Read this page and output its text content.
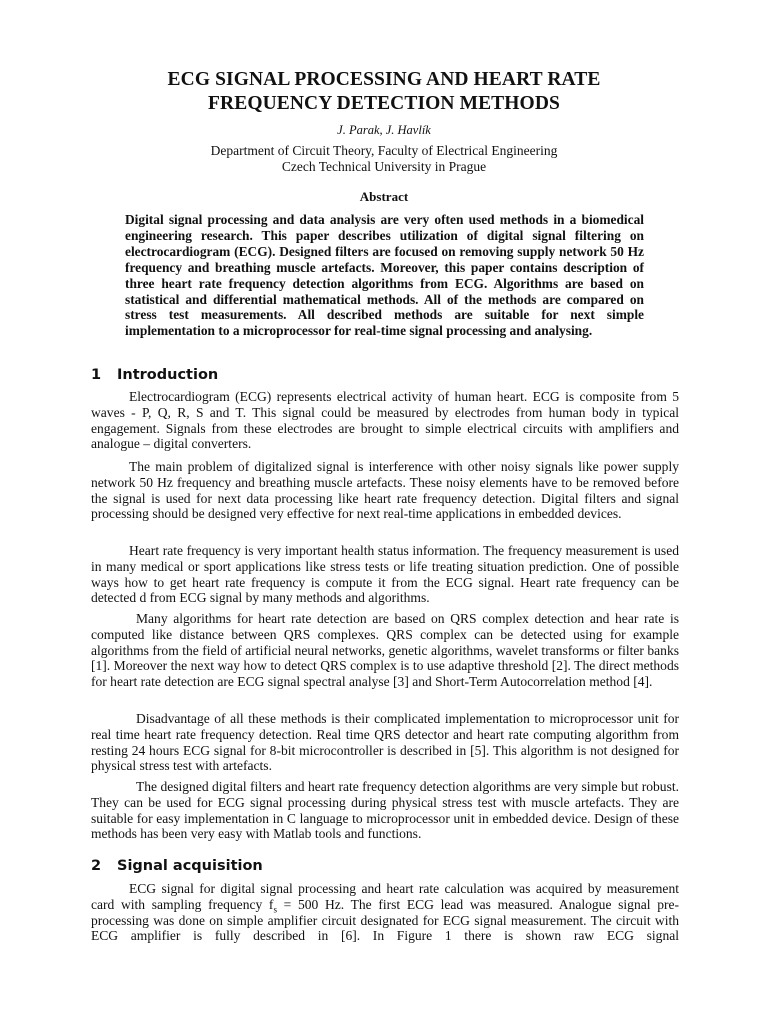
ECG SIGNAL PROCESSING AND HEART RATE
FREQUENCY DETECTION METHODS
J. Parak, J. Havlík
Department of Circuit Theory, Faculty of Electrical Engineering
Czech Technical University in Prague
Abstract
Digital signal processing and data analysis are very often used methods in a biomedical engineering research. This paper describes utilization of digital signal filtering on electrocardiogram (ECG). Designed filters are focused on removing supply network 50 Hz frequency and breathing muscle artefacts. Moreover, this paper contains description of three heart rate frequency detection algorithms from ECG. Algorithms are based on statistical and differential mathematical methods. All of the methods are compared on stress test measurements. All described methods are suitable for next simple implementation to a microprocessor for real-time signal processing and analysing.
1 Introduction
Electrocardiogram (ECG) represents electrical activity of human heart. ECG is composite from 5 waves - P, Q, R, S and T. This signal could be measured by electrodes from human body in typical engagement. Signals from these electrodes are brought to simple electrical circuits with amplifiers and analogue – digital converters.
The main problem of digitalized signal is interference with other noisy signals like power supply network 50 Hz frequency and breathing muscle artefacts. These noisy elements have to be removed before the signal is used for next data processing like heart rate frequency detection. Digital filters and signal processing should be designed very effective for next real-time applications in embedded devices.
Heart rate frequency is very important health status information. The frequency measurement is used in many medical or sport applications like stress tests or life treating situation prediction. One of possible ways how to get heart rate frequency is compute it from the ECG signal. Heart rate frequency can be detected d from ECG signal by many methods and algorithms.
Many algorithms for heart rate detection are based on QRS complex detection and hear rate is computed like distance between QRS complexes. QRS complex can be detected using for example algorithms from the field of artificial neural networks, genetic algorithms, wavelet transforms or filter banks [1]. Moreover the next way how to detect QRS complex is to use adaptive threshold [2]. The direct methods for heart rate detection are ECG signal spectral analyse [3] and Short-Term Autocorrelation method [4].
Disadvantage of all these methods is their complicated implementation to microprocessor unit for real time heart rate frequency detection. Real time QRS detector and heart rate computing algorithm from resting 24 hours ECG signal for 8-bit microcontroller is described in [5]. This algorithm is not designed for physical stress test with artefacts.
The designed digital filters and heart rate frequency detection algorithms are very simple but robust. They can be used for ECG signal processing during physical stress test with muscle artefacts. They are suitable for easy implementation in C language to microprocessor unit in embedded device. Design of these methods has been very easy with Matlab tools and functions.
2 Signal acquisition
ECG signal for digital signal processing and heart rate calculation was acquired by measurement card with sampling frequency $f_s = 500$ Hz. The first ECG lead was measured. Analogue signal pre-processing was done on simple amplifier circuit designated for ECG signal measurement. The circuit with ECG amplifier is fully described in [6]. In Figure 1 there is shown raw ECG signal
